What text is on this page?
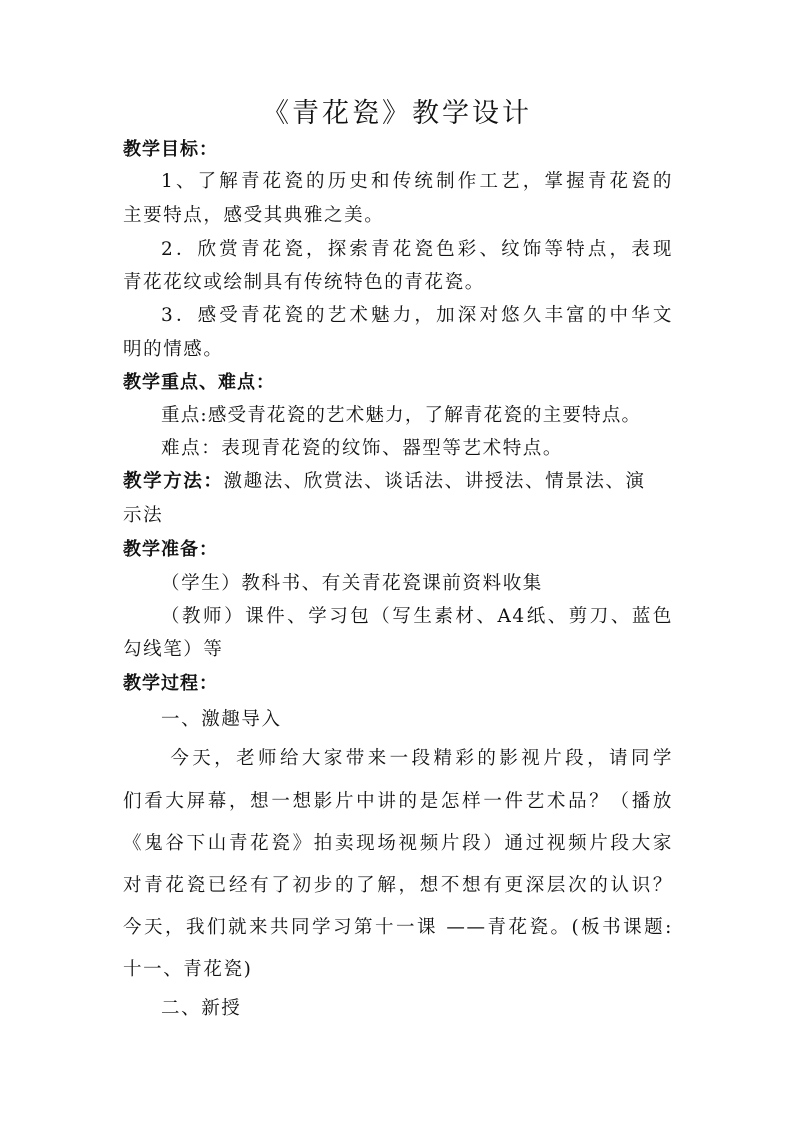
《青花瓷》教学设计
教学目标：
1、了解青花瓷的历史和传统制作工艺，掌握青花瓷的
主要特点，感受其典雅之美。
2．欣赏青花瓷，探索青花瓷色彩、纹饰等特点，表现
青花花纹或绘制具有传统特色的青花瓷。
3．感受青花瓷的艺术魅力，加深对悠久丰富的中华文
明的情感。
教学重点、难点：
重点:感受青花瓷的艺术魅力，了解青花瓷的主要特点。
难点：表现青花瓷的纹饰、器型等艺术特点。
教学方法：激趣法、欣赏法、谈话法、讲授法、情景法、演
示法
教学准备：
（学生）教科书、有关青花瓷课前资料收集
（教师）课件、学习包（写生素材、A4纸、剪刀、蓝色
勾线笔）等
教学过程：
一、激趣导入
今天，老师给大家带来一段精彩的影视片段，请同学
们看大屏幕，想一想影片中讲的是怎样一件艺术品？（播放
《鬼谷下山青花瓷》拍卖现场视频片段）通过视频片段大家
对青花瓷已经有了初步的了解，想不想有更深层次的认识？
今天，我们就来共同学习第十一课 ——青花瓷。(板书课题:
十一、青花瓷)
二、新授
